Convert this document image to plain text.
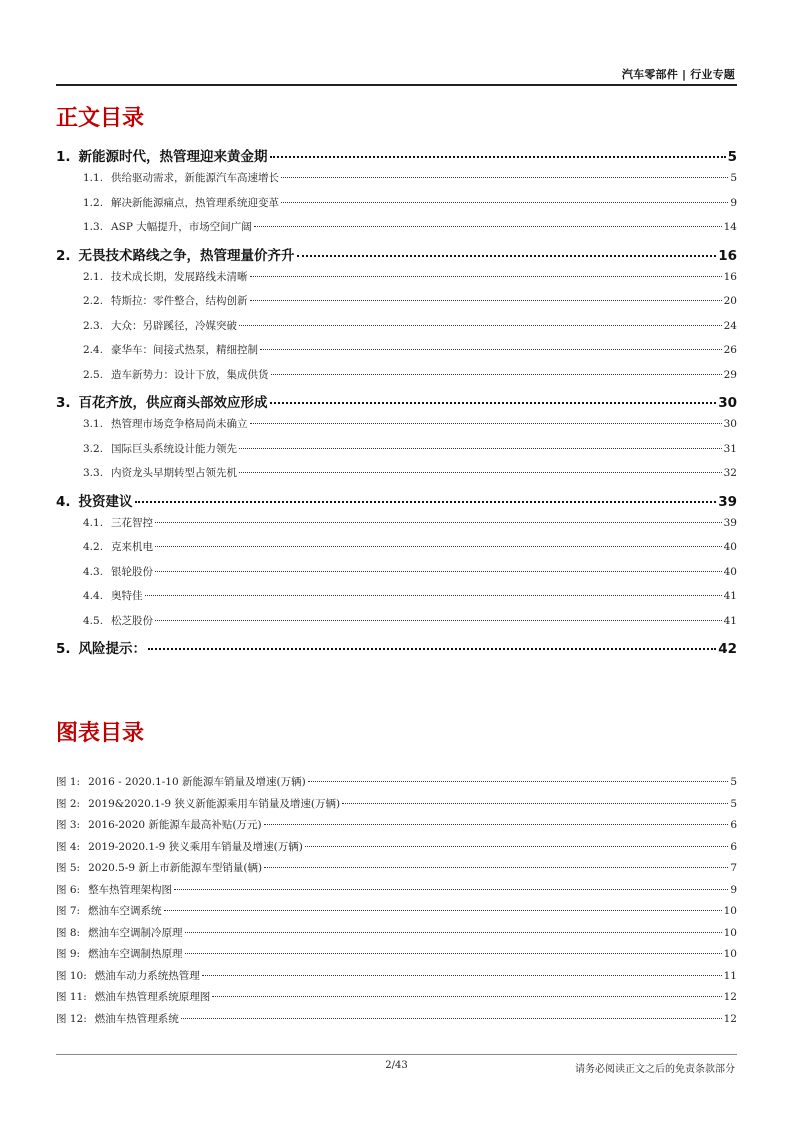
汽车零部件 | 行业专题
正文目录
1. 新能源时代，热管理迎来黄金期	5
1.1. 供给驱动需求，新能源汽车高速增长	5
1.2. 解决新能源痛点，热管理系统迎变革	9
1.3. ASP 大幅提升，市场空间广阔	14
2. 无畏技术路线之争，热管理量价齐升	16
2.1. 技术成长期，发展路线未清晰	16
2.2. 特斯拉：零件整合，结构创新	20
2.3. 大众：另辟蹊径，冷媒突破	24
2.4. 豪华车：间接式热泵，精细控制	26
2.5. 造车新势力：设计下放，集成供货	29
3. 百花齐放，供应商头部效应形成	30
3.1. 热管理市场竞争格局尚未确立	30
3.2. 国际巨头系统设计能力领先	31
3.3. 内资龙头早期转型占领先机	32
4. 投资建议	39
4.1. 三花智控	39
4.2. 克来机电	40
4.3. 银轮股份	40
4.4. 奥特佳	41
4.5. 松芝股份	41
5. 风险提示：	42
图表目录
图 1: 2016 - 2020.1-10 新能源车销量及增速(万辆)	5
图 2: 2019&2020.1-9 狭义新能源乘用车销量及增速(万辆)	5
图 3: 2016-2020 新能源车最高补贴(万元)	6
图 4: 2019-2020.1-9 狭义乘用车销量及增速(万辆)	6
图 5: 2020.5-9 新上市新能源车型销量(辆)	7
图 6: 整车热管理架构图	9
图 7: 燃油车空调系统	10
图 8: 燃油车空调制冷原理	10
图 9: 燃油车空调制热原理	10
图 10: 燃油车动力系统热管理	11
图 11: 燃油车热管理系统原理图	12
图 12: 燃油车热管理系统	12
2/43	请务必阅读正文之后的免责条款部分
